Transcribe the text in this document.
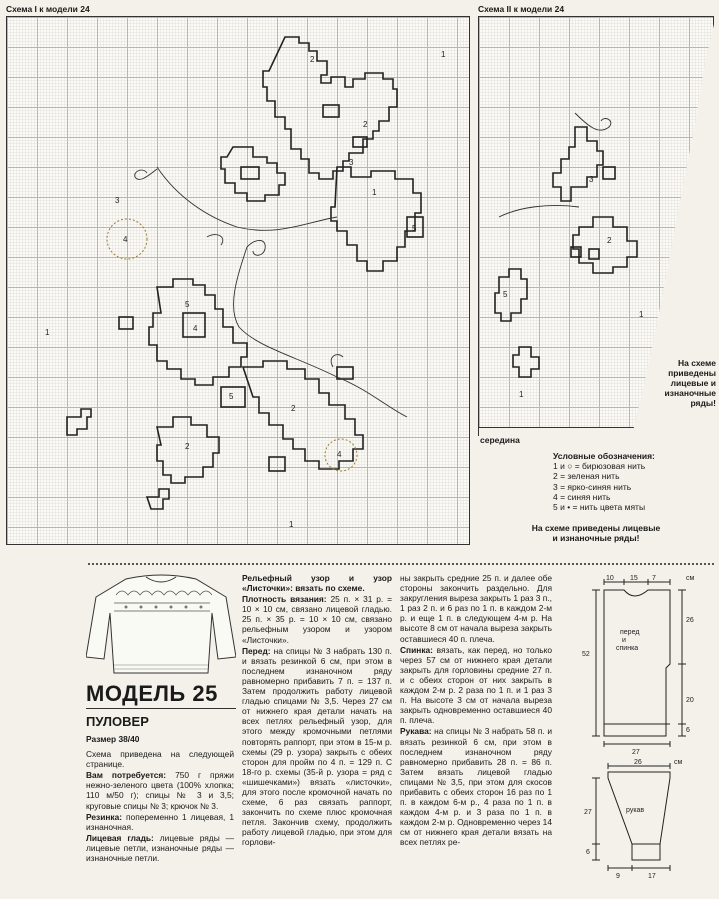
Схема I к модели 24
2
2
3
1
5
4
3
1
5
4
5
2
4
2
1
1
Схема II к модели 24
3
2
5
1
1
середина
На схеме
приведены
лицевые и
изнаночные
ряды!
Условные обозначения:
1 и ○ = бирюзовая нить
2 = зеленая нить
3 = ярко-синяя нить
4 = синяя нить
5 и • = нить цвета мяты
На схеме приведены лицевые
и изнаночные ряды!
МОДЕЛЬ 25
ПУЛОВЕР

Размер 38/40

Схема приведена на следующей странице.

Вам потребуется: 750 г пряжи нежно-зеленого цвета (100% хлопка; 110 м/50 г); спицы № 3 и 3,5; круговые спицы № 3; крючок № 3.

Резинка: попеременно 1 лицевая, 1 изнаночная.

Лицевая гладь: лицевые ряды — лицевые петли, изнаночные ряды — изнаночные петли.

Рельефный узор и узор «Листочки»: вязать по схеме.

Плотность вязания: 25 п. × 31 р. = 10 × 10 см, связано лицевой гладью. 25 п. × 35 р. = 10 × 10 см, связано рельефным узором и узором «Листочки».

Перед: на спицы № 3 набрать 130 п. и вязать резинкой 6 см, при этом в последнем изнаночном ряду равномерно прибавить 7 п. = 137 п. Затем продолжить работу лицевой гладью спицами № 3,5. Через 27 см от нижнего края детали начать на всех петлях рельефный узор, для этого между кромочными петлями повторять раппорт, при этом в 15-м р. схемы (29 р. узора) закрыть с обеих сторон для пройм по 4 п. = 129 п. С 18-го р. схемы (35-й р. узора = ряд с «шишечками») вязать «листочки», для этого после кромочной начать по схеме, 6 раз связать раппорт, закончить по схеме плюс кромочная петля. Закончив схему, продолжить работу лицевой гладью, при этом для горлови-

ны закрыть средние 25 п. и далее обе стороны закончить раздельно. Для закругления выреза закрыть 1 раз 3 п., 1 раз 2 п. и 6 раз по 1 п. в каждом 2-м р. и еще 1 п. в следующем 4-м р. На высоте 8 см от начала выреза закрыть оставшиеся 40 п. плеча.

Спинка: вязать, как перед, но только через 57 см от нижнего края детали закрыть для горловины средние 27 п. и с обеих сторон от них закрыть в каждом 2-м р. 2 раза по 1 п. и 1 раз 3 п. На высоте 3 см от начала выреза закрыть одновременно оставшиеся 40 п. плеча.

Рукава: на спицы № 3 набрать 58 п. и вязать резинкой 6 см, при этом в последнем изнаночном ряду равномерно прибавить 28 п. = 86 п. Затем вязать лицевой гладью спицами № 3,5, при этом для скосов прибавить с обеих сторон 16 раз по 1 п. в каждом 6-м р., 4 раза по 1 п. в каждом 4-м р. и 3 раза по 1 п. в каждом 2-м р. Одновременно через 14 см от нижнего края детали вязать на всех петлях ре-

10 15 7	см
26
52
20
6
27
перед
и
спинка
26	см
27
6
9	17
рукав
